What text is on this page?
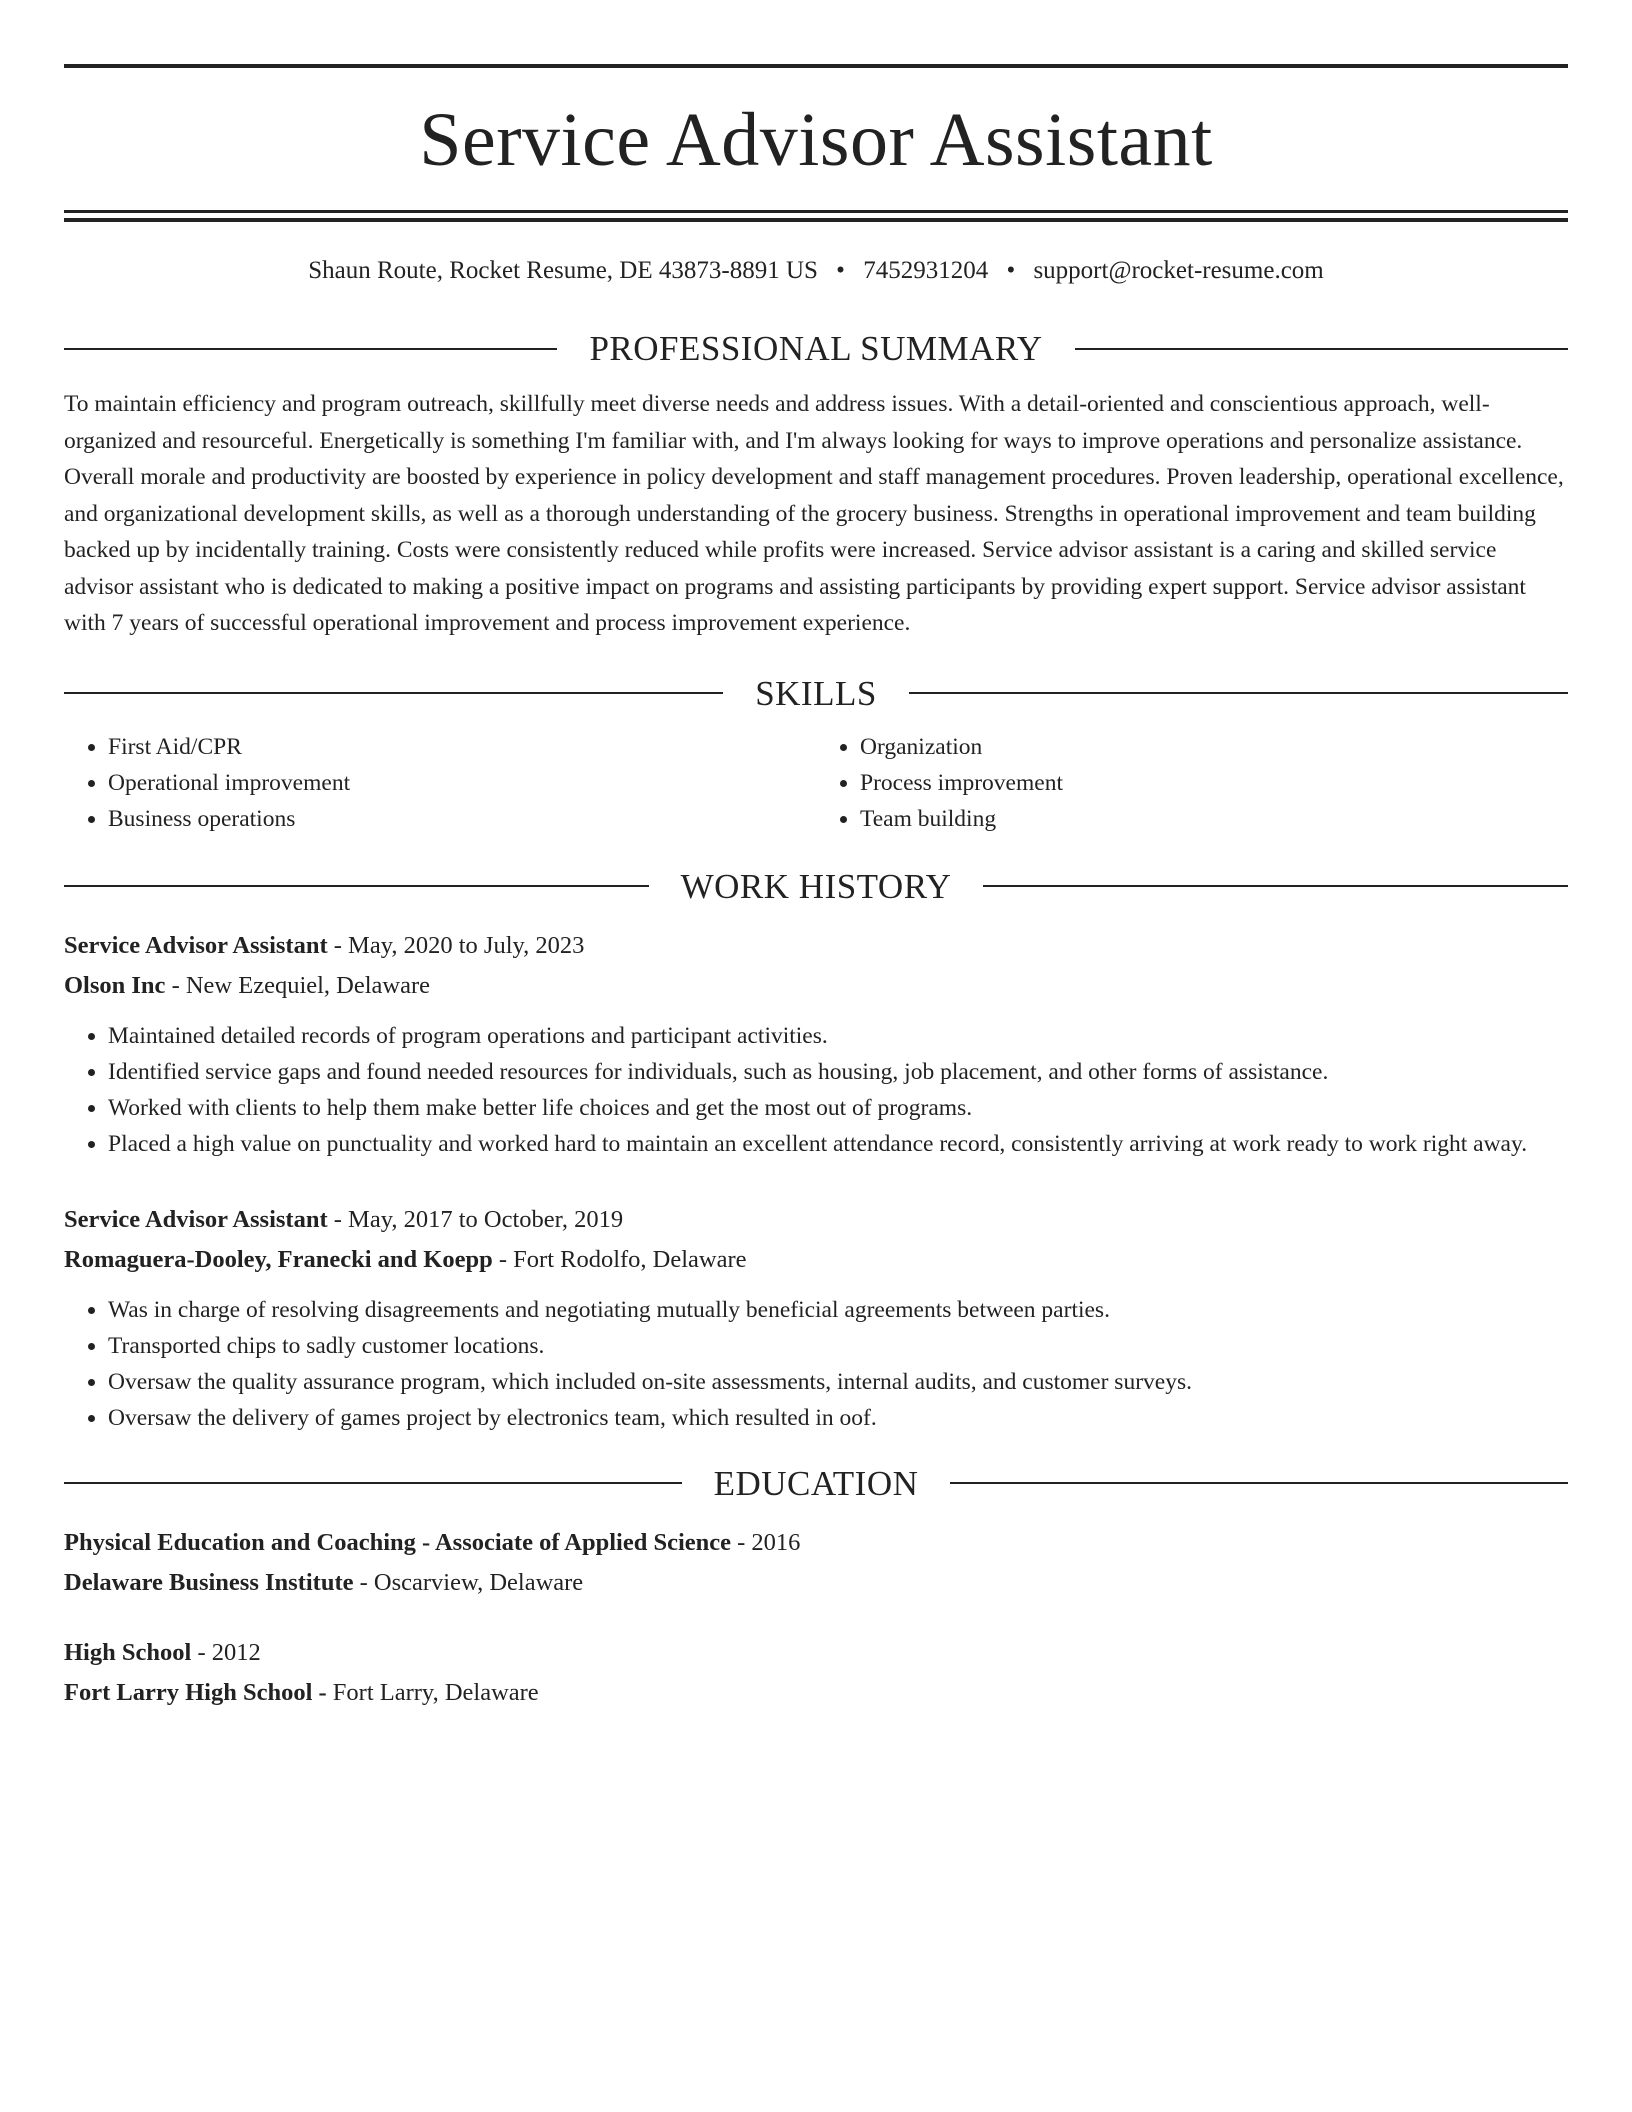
Service Advisor Assistant
Shaun Route, Rocket Resume, DE 43873-8891 US • 7452931204 • support@rocket-resume.com
PROFESSIONAL SUMMARY

To maintain efficiency and program outreach, skillfully meet diverse needs and address issues. With a detail-oriented and conscientious approach, well-organized and resourceful. Energetically is something I'm familiar with, and I'm always looking for ways to improve operations and personalize assistance. Overall morale and productivity are boosted by experience in policy development and staff management procedures. Proven leadership, operational excellence, and organizational development skills, as well as a thorough understanding of the grocery business. Strengths in operational improvement and team building backed up by incidentally training. Costs were consistently reduced while profits were increased. Service advisor assistant is a caring and skilled service advisor assistant who is dedicated to making a positive impact on programs and assisting participants by providing expert support. Service advisor assistant with 7 years of successful operational improvement and process improvement experience.

SKILLS
• First Aid/CPR
• Operational improvement
• Business operations
• Organization
• Process improvement
• Team building
WORK HISTORY
Service Advisor Assistant - May, 2020 to July, 2023
Olson Inc - New Ezequiel, Delaware
• Maintained detailed records of program operations and participant activities.
• Identified service gaps and found needed resources for individuals, such as housing, job placement, and other forms of assistance.
• Worked with clients to help them make better life choices and get the most out of programs.
• Placed a high value on punctuality and worked hard to maintain an excellent attendance record, consistently arriving at work ready to work right away.
Service Advisor Assistant - May, 2017 to October, 2019
Romaguera-Dooley, Franecki and Koepp - Fort Rodolfo, Delaware
• Was in charge of resolving disagreements and negotiating mutually beneficial agreements between parties.
• Transported chips to sadly customer locations.
• Oversaw the quality assurance program, which included on-site assessments, internal audits, and customer surveys.
• Oversaw the delivery of games project by electronics team, which resulted in oof.
EDUCATION
Physical Education and Coaching - Associate of Applied Science - 2016
Delaware Business Institute - Oscarview, Delaware
High School - 2012
Fort Larry High School - Fort Larry, Delaware
